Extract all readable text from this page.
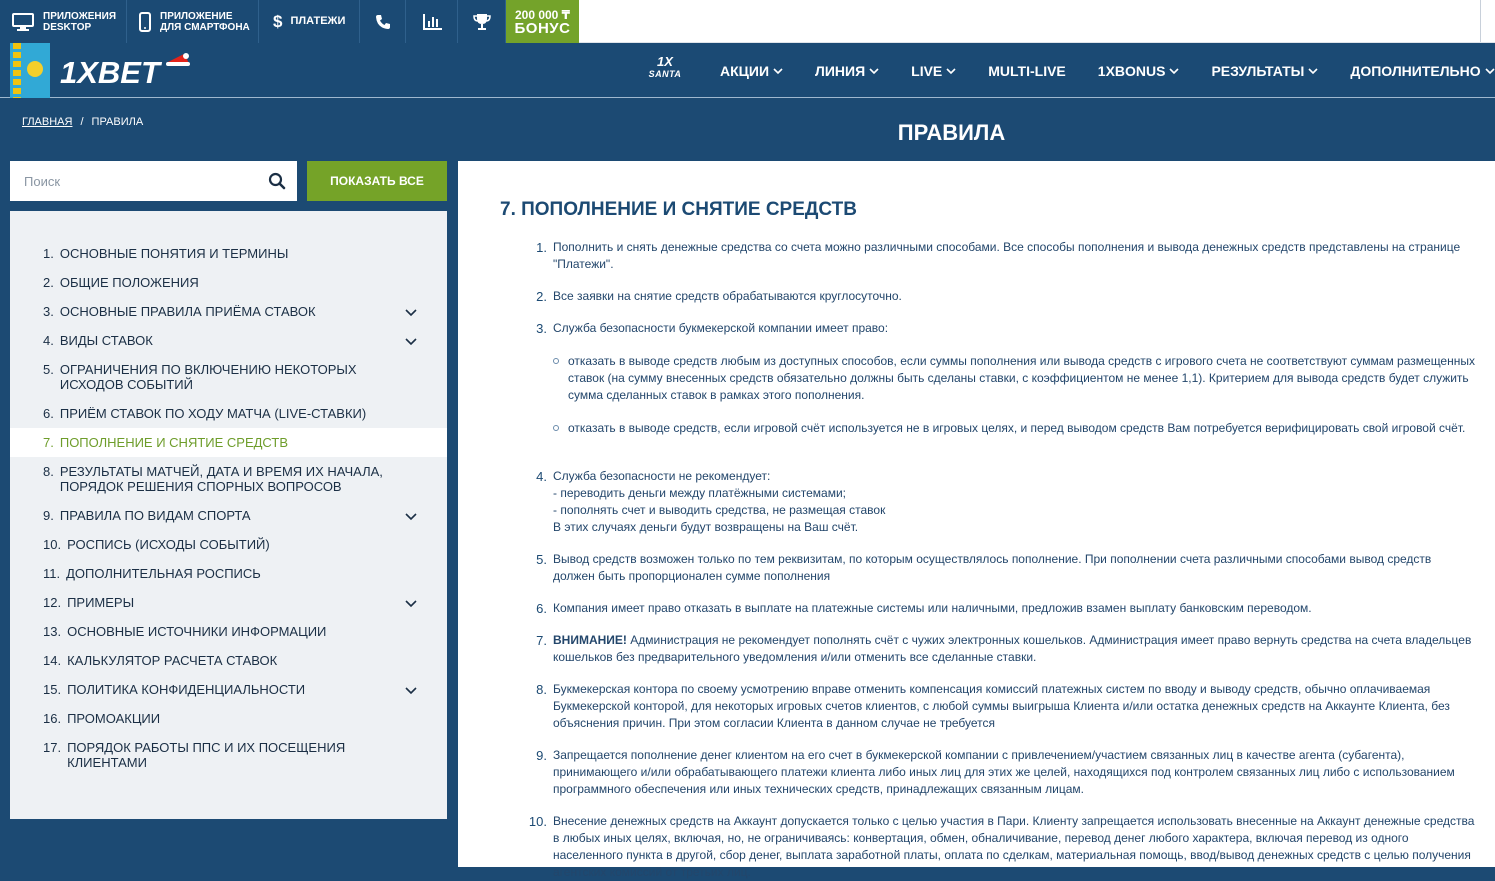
ПРИЛОЖЕНИЯ
DESKTOP
ПРИЛОЖЕНИЕ
ДЛЯ СМАРТФОНА $ ПЛАТЕЖИ	200 000 ₸
БОНУС
1XBET	1X
SANTA	АКЦИИ	ЛИНИЯ	LIVE	MULTI-LIVE 1XBONUS	РЕЗУЛЬТАТЫ	ДОПОЛНИТЕЛЬНО
ГЛАВНАЯ / ПРАВИЛА	ПРАВИЛА
Поиск
ПОКАЗАТЬ ВСЕ
1. ОСНОВНЫЕ ПОНЯТИЯ И ТЕРМИНЫ
2. ОБЩИЕ ПОЛОЖЕНИЯ
3. ОСНОВНЫЕ ПРАВИЛА ПРИЁМА СТАВОК
4. ВИДЫ СТАВОК
5. ОГРАНИЧЕНИЯ ПО ВКЛЮЧЕНИЮ НЕКОТОРЫХ ИСХОДОВ СОБЫТИЙ
6. ПРИЁМ СТАВОК ПО ХОДУ МАТЧА (LIVE-СТАВКИ)
7. ПОПОЛНЕНИЕ И СНЯТИЕ СРЕДСТВ
8. РЕЗУЛЬТАТЫ МАТЧЕЙ, ДАТА И ВРЕМЯ ИХ НАЧАЛА, ПОРЯДОК РЕШЕНИЯ СПОРНЫХ ВОПРОСОВ
9. ПРАВИЛА ПО ВИДАМ СПОРТА
10. РОСПИСЬ (ИСХОДЫ СОБЫТИЙ)
11. ДОПОЛНИТЕЛЬНАЯ РОСПИСЬ
12. ПРИМЕРЫ
13. ОСНОВНЫЕ ИСТОЧНИКИ ИНФОРМАЦИИ
14. КАЛЬКУЛЯТОР РАСЧЕТА СТАВОК
15. ПОЛИТИКА КОНФИДЕНЦИАЛЬНОСТИ
16. ПРОМОАКЦИИ
17. ПОРЯДОК РАБОТЫ ППС И ИХ ПОСЕЩЕНИЯ КЛИЕНТАМИ
7. ПОПОЛНЕНИЕ И СНЯТИЕ СРЕДСТВ
1. Пополнить и снять денежные средства со счета можно различными способами. Все способы пополнения и вывода денежных средств представлены на странице "Платежи".
2. Все заявки на снятие средств обрабатываются круглосуточно.
3. Служба безопасности букмекерской компании имеет право:
отказать в выводе средств любым из доступных способов, если суммы пополнения или вывода средств с игрового счета не соответствуют суммам размещенных ставок (на сумму внесенных средств обязательно должны быть сделаны ставки, с коэффициентом не менее 1,1). Критерием для вывода средств будет служить сумма сделанных ставок в рамках этого пополнения.
отказать в выводе средств, если игровой счёт используется не в игровых целях, и перед выводом средств Вам потребуется верифицировать свой игровой счёт.
4. Служба безопасности не рекомендует:
- переводить деньги между платёжными системами;
- пополнять счет и выводить средства, не размещая ставок
В этих случаях деньги будут возвращены на Ваш счёт.
5. Вывод средств возможен только по тем реквизитам, по которым осуществлялось пополнение. При пополнении счета различными способами вывод средств должен быть пропорционален сумме пополнения
6. Компания имеет право отказать в выплате на платежные системы или наличными, предложив взамен выплату банковским переводом.
7. ВНИМАНИЕ! Администрация не рекомендует пополнять счёт с чужих электронных кошельков. Администрация имеет право вернуть средства на счета владельцев кошельков без предварительного уведомления и/или отменить все сделанные ставки.
8. Букмекерская контора по своему усмотрению вправе отменить компенсация комиссий платежных систем по вводу и выводу средств, обычно оплачиваемая Букмекерской конторой, для некоторых игровых счетов клиентов, с любой суммы выигрыша Клиента и/или остатка денежных средств на Аккаунте Клиента, без объяснения причин. При этом согласии Клиента в данном случае не требуется
9. Запрещается пополнение денег клиентом на его счет в букмекерской компании с привлечением/участием связанных лиц в качестве агента (субагента), принимающего и/или обрабатывающего платежи клиента либо иных лиц для этих же целей, находящихся под контролем связанных лиц либо с использованием программного обеспечения или иных технических средств, принадлежащих связанным лицам.
10. Внесение денежных средств на Аккаунт допускается только с целью участия в Пари. Клиенту запрещается использовать внесенные на Аккаунт денежные средства в любых иных целях, включая, но, не ограничиваясь: конвертация, обмен, обналичивание, перевод денег любого характера, включая перевод из одного населенного пункта в другой, сбор денег, выплата заработной платы, оплата по сделкам, материальная помощь, ввод/вывод денежных средств с целью получения агентских комиссий от третьих лиц.
